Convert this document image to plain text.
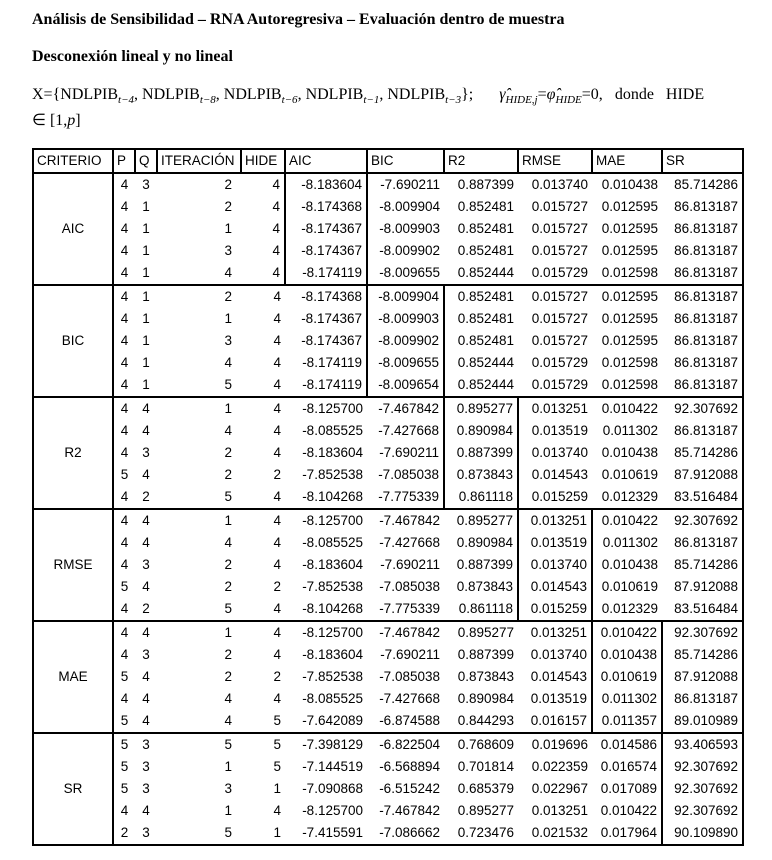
Análisis de Sensibilidad – RNA Autoregresiva – Evaluación dentro de muestra

Desconexión lineal y no lineal

$X=\{NDLPIB_{t-4}$, $NDLPIB_{t-8}$, $NDLPIB_{t-6}$, $NDLPIB_{t-1}$, $NDLPIB_{t-3}$}; $\gammâ_{HIDE,j}=\varphî_{HIDE}=0$, donde HIDE
∈ [1,p]
CRITERIO	P	Q	ITERACIÓN	HIDE	AIC	BIC	R2	RMSE	MAE	SR
AIC	4	3	2	4	-8.183604	-7.690211	0.887399	0.013740	0.010438	85.714286
	4	1	2	4	-8.174368	-8.009904	0.852481	0.015727	0.012595	86.813187
	4	1	1	4	-8.174367	-8.009903	0.852481	0.015727	0.012595	86.813187
	4	1	3	4	-8.174367	-8.009902	0.852481	0.015727	0.012595	86.813187
	4	1	4	4	-8.174119	-8.009655	0.852444	0.015729	0.012598	86.813187
BIC	4	1	2	4	-8.174368	-8.009904	0.852481	0.015727	0.012595	86.813187
	4	1	1	4	-8.174367	-8.009903	0.852481	0.015727	0.012595	86.813187
	4	1	3	4	-8.174367	-8.009902	0.852481	0.015727	0.012595	86.813187
	4	1	4	4	-8.174119	-8.009655	0.852444	0.015729	0.012598	86.813187
	4	1	5	4	-8.174119	-8.009654	0.852444	0.015729	0.012598	86.813187
R2	4	4	1	4	-8.125700	-7.467842	0.895277	0.013251	0.010422	92.307692
	4	4	4	4	-8.085525	-7.427668	0.890984	0.013519	0.011302	86.813187
	4	3	2	4	-8.183604	-7.690211	0.887399	0.013740	0.010438	85.714286
	5	4	2	2	-7.852538	-7.085038	0.873843	0.014543	0.010619	87.912088
	4	2	5	4	-8.104268	-7.775339	0.861118	0.015259	0.012329	83.516484
RMSE	4	4	1	4	-8.125700	-7.467842	0.895277	0.013251	0.010422	92.307692
	4	4	4	4	-8.085525	-7.427668	0.890984	0.013519	0.011302	86.813187
	4	3	2	4	-8.183604	-7.690211	0.887399	0.013740	0.010438	85.714286
	5	4	2	2	-7.852538	-7.085038	0.873843	0.014543	0.010619	87.912088
	4	2	5	4	-8.104268	-7.775339	0.861118	0.015259	0.012329	83.516484
MAE	4	4	1	4	-8.125700	-7.467842	0.895277	0.013251	0.010422	92.307692
	4	3	2	4	-8.183604	-7.690211	0.887399	0.013740	0.010438	85.714286
	5	4	2	2	-7.852538	-7.085038	0.873843	0.014543	0.010619	87.912088
	4	4	4	4	-8.085525	-7.427668	0.890984	0.013519	0.011302	86.813187
	5	4	4	5	-7.642089	-6.874588	0.844293	0.016157	0.011357	89.010989
SR	5	3	5	5	-7.398129	-6.822504	0.768609	0.019696	0.014586	93.406593
	5	3	1	5	-7.144519	-6.568894	0.701814	0.022359	0.016574	92.307692
	5	3	3	1	-7.090868	-6.515242	0.685379	0.022967	0.017089	92.307692
	4	4	1	4	-8.125700	-7.467842	0.895277	0.013251	0.010422	92.307692
	2	3	5	1	-7.415591	-7.086662	0.723476	0.021532	0.017964	90.109890
